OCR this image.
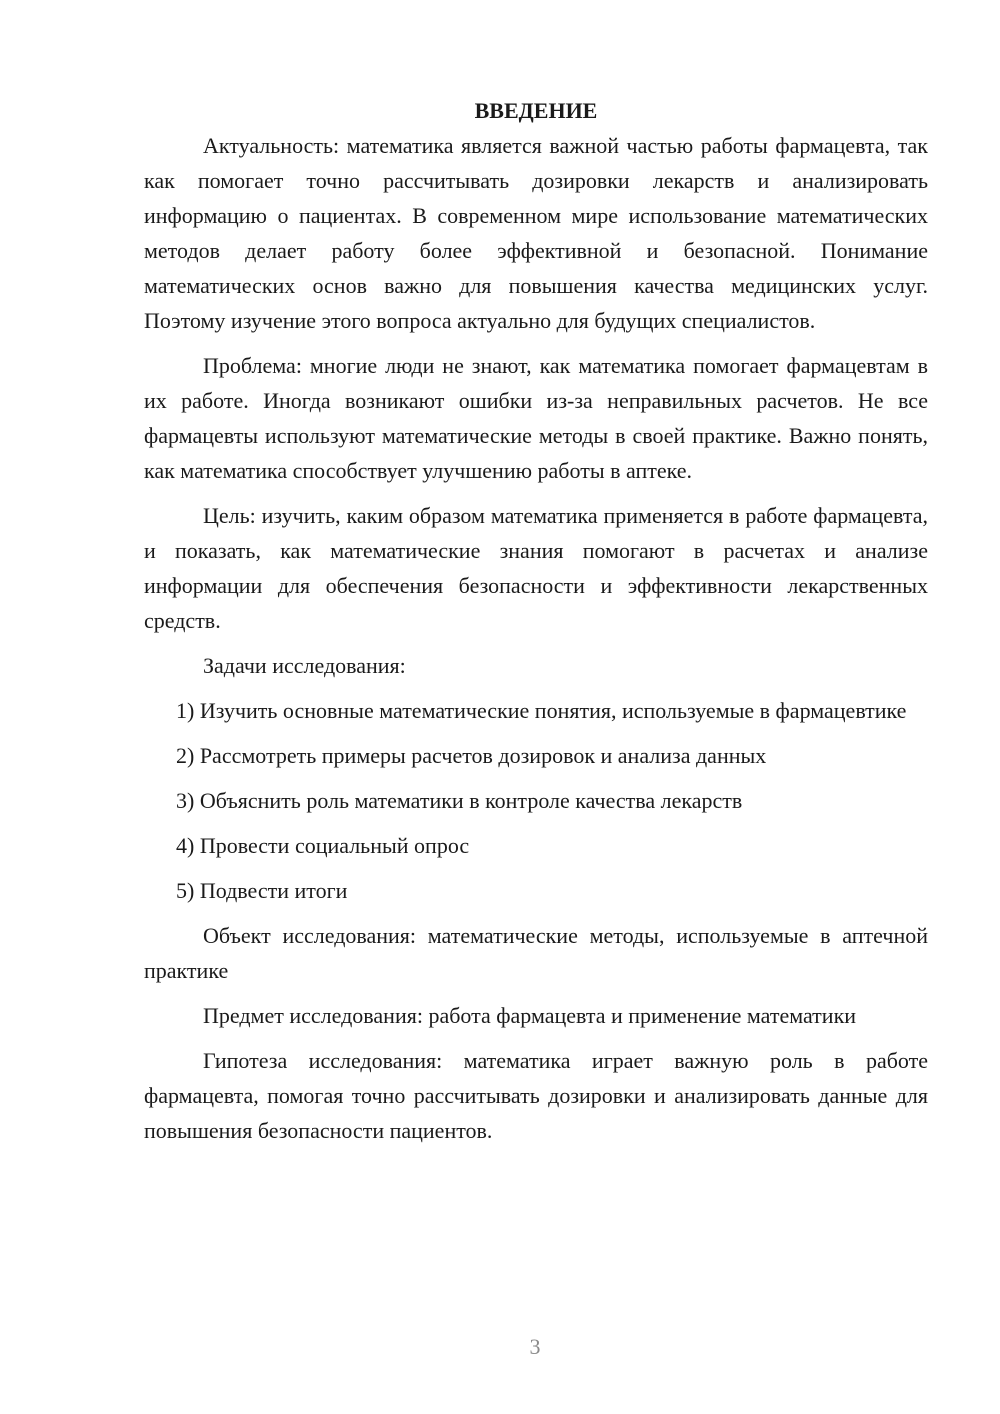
ВВЕДЕНИЕ

Актуальность: математика является важной частью работы фармацевта, так как помогает точно рассчитывать дозировки лекарств и анализировать информацию о пациентах. В современном мире использование математических методов делает работу более эффективной и безопасной. Понимание математических основ важно для повышения качества медицинских услуг. Поэтому изучение этого вопроса актуально для будущих специалистов.

Проблема: многие люди не знают, как математика помогает фармацевтам в их работе. Иногда возникают ошибки из-за неправильных расчетов. Не все фармацевты используют математические методы в своей практике. Важно понять, как математика способствует улучшению работы в аптеке.

Цель: изучить, каким образом математика применяется в работе фармацевта, и показать, как математические знания помогают в расчетах и анализе информации для обеспечения безопасности и эффективности лекарственных средств.

Задачи исследования:

1) Изучить основные математические понятия, используемые в фармацевтике

2) Рассмотреть примеры расчетов дозировок и анализа данных

3) Объяснить роль математики в контроле качества лекарств

4) Провести социальный опрос

5) Подвести итоги

Объект исследования: математические методы, используемые в аптечной практике

Предмет исследования: работа фармацевта и применение математики

Гипотеза исследования: математика играет важную роль в работе фармацевта, помогая точно рассчитывать дозировки и анализировать данные для повышения безопасности пациентов.

3
